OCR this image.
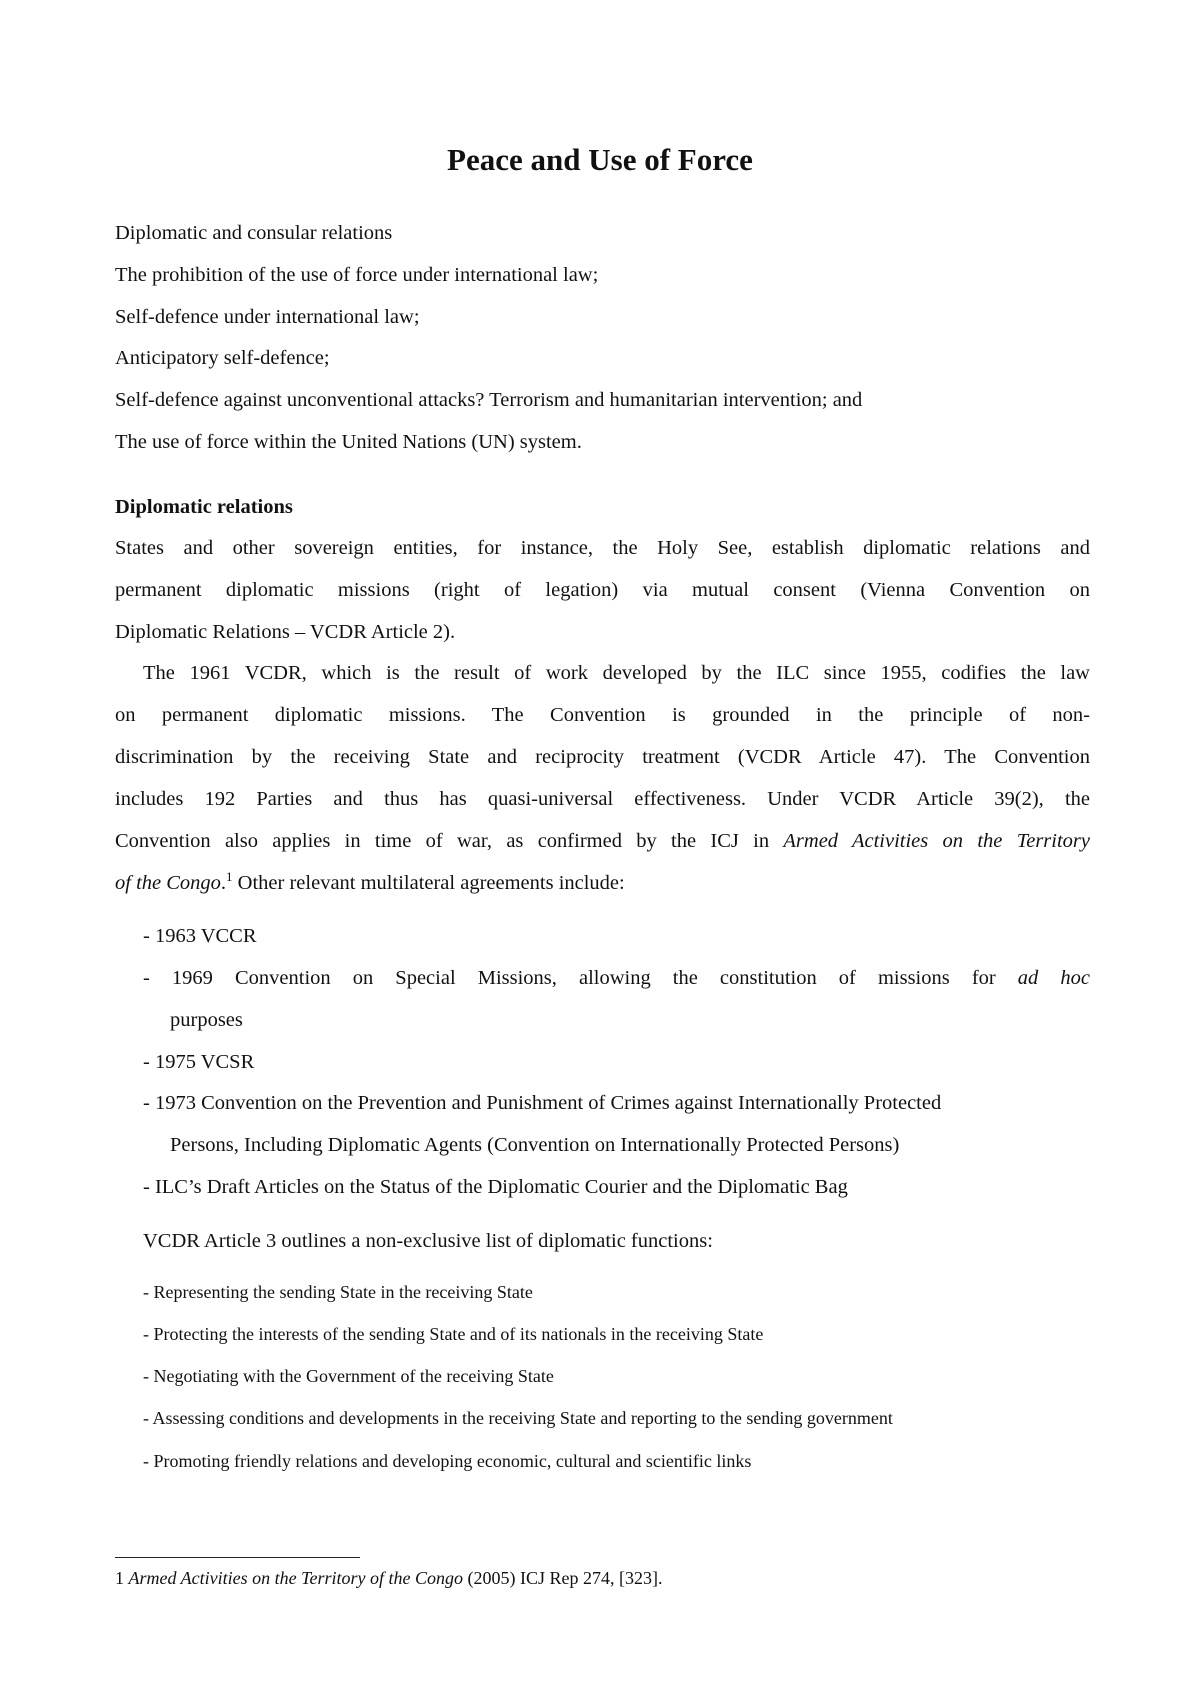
Peace and Use of Force
Diplomatic and consular relations
The prohibition of the use of force under international law;
Self-defence under international law;
Anticipatory self-defence;
Self-defence against unconventional attacks? Terrorism and humanitarian intervention; and
The use of force within the United Nations (UN) system.
Diplomatic relations
States and other sovereign entities, for instance, the Holy See, establish diplomatic relations and
permanent diplomatic missions (right of legation) via mutual consent (Vienna Convention on
Diplomatic Relations – VCDR Article 2).
The 1961 VCDR, which is the result of work developed by the ILC since 1955, codifies the law
on permanent diplomatic missions. The Convention is grounded in the principle of non-
discrimination by the receiving State and reciprocity treatment (VCDR Article 47). The Convention
includes 192 Parties and thus has quasi-universal effectiveness. Under VCDR Article 39(2), the
Convention also applies in time of war, as confirmed by the ICJ in Armed Activities on the Territory
of the Congo.$^1$ Other relevant multilateral agreements include:
- 1963 VCCR
- 1969 Convention on Special Missions, allowing the constitution of missions for ad hoc
purposes
- 1975 VCSR
- 1973 Convention on the Prevention and Punishment of Crimes against Internationally Protected
Persons, Including Diplomatic Agents (Convention on Internationally Protected Persons)
- ILC’s Draft Articles on the Status of the Diplomatic Courier and the Diplomatic Bag
VCDR Article 3 outlines a non-exclusive list of diplomatic functions:
- Representing the sending State in the receiving State
- Protecting the interests of the sending State and of its nationals in the receiving State
- Negotiating with the Government of the receiving State
- Assessing conditions and developments in the receiving State and reporting to the sending government
- Promoting friendly relations and developing economic, cultural and scientific links
1 Armed Activities on the Territory of the Congo (2005) ICJ Rep 274, [323].
